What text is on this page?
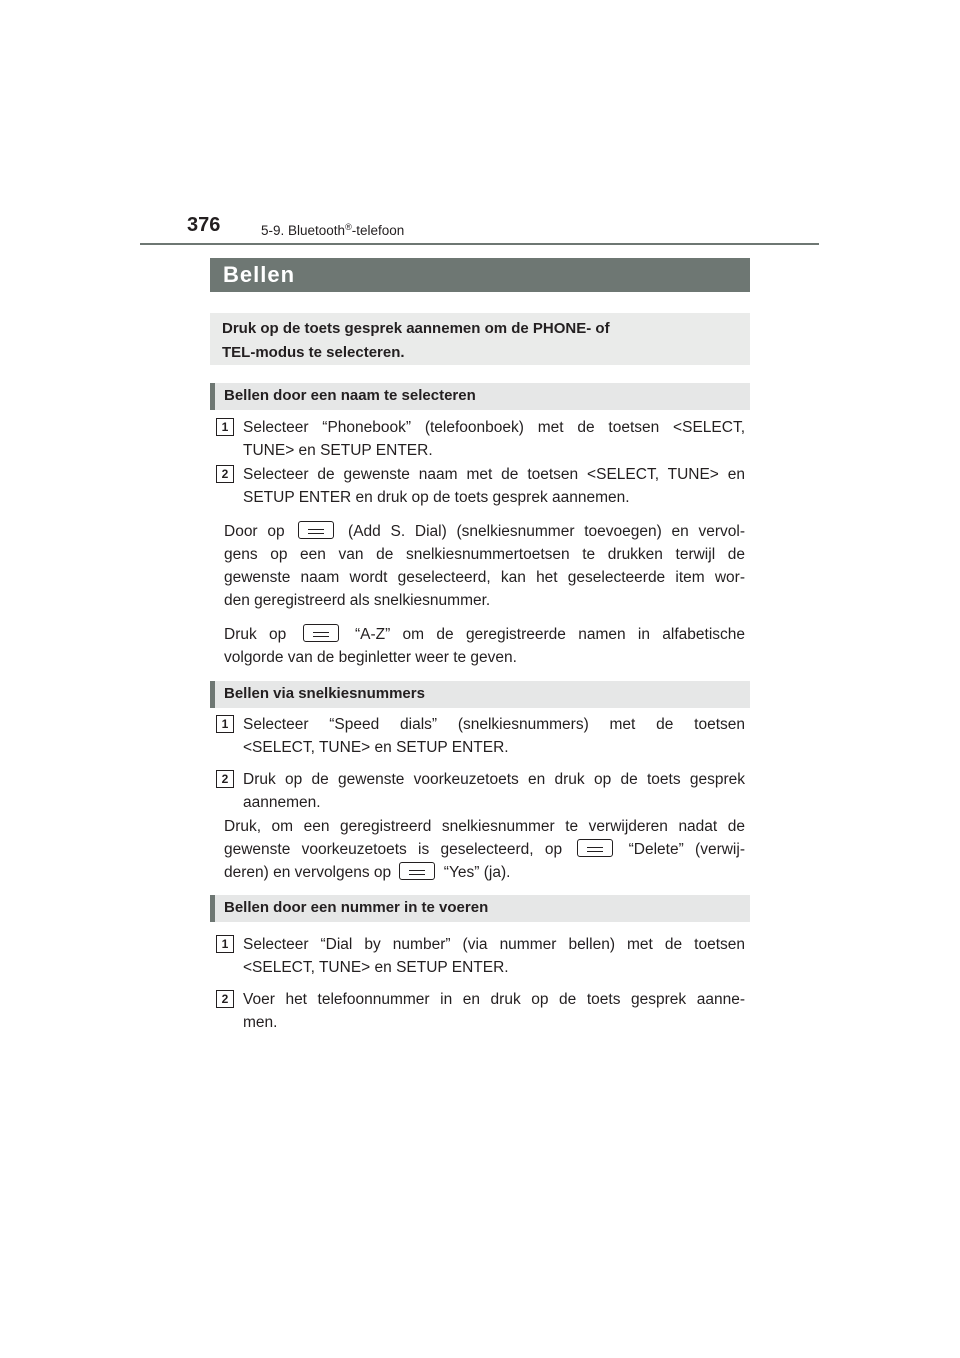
376	5-9. Bluetooth®-telefoon
Bellen
Druk op de toets gesprek aannemen om de PHONE- of
TEL-modus te selecteren.
Bellen door een naam te selecteren
1 Selecteer “Phonebook” (telefoonboek) met de toetsen <SELECT,
TUNE> en SETUP ENTER.
2 Selecteer de gewenste naam met de toetsen <SELECT, TUNE> en
SETUP ENTER en druk op de toets gesprek aannemen.
Door op	(Add S. Dial) (snelkiesnummer toevoegen) en vervol-
gens op een van de snelkiesnummertoetsen te drukken terwijl de
gewenste naam wordt geselecteerd, kan het geselecteerde item wor-
den geregistreerd als snelkiesnummer.
Druk op	“A-Z” om de geregistreerde namen in alfabetische
volgorde van de beginletter weer te geven.
Bellen via snelkiesnummers
1 Selecteer “Speed dials” (snelkiesnummers) met de toetsen
<SELECT, TUNE> en SETUP ENTER.
2 Druk op de gewenste voorkeuzetoets en druk op de toets gesprek
aannemen.
Druk, om een geregistreerd snelkiesnummer te verwijderen nadat de
gewenste voorkeuzetoets is geselecteerd, op	“Delete” (verwij-
deren) en vervolgens op	“Yes” (ja).
Bellen door een nummer in te voeren
1 Selecteer “Dial by number” (via nummer bellen) met de toetsen
<SELECT, TUNE> en SETUP ENTER.
2 Voer het telefoonnummer in en druk op de toets gesprek aanne-
men.
